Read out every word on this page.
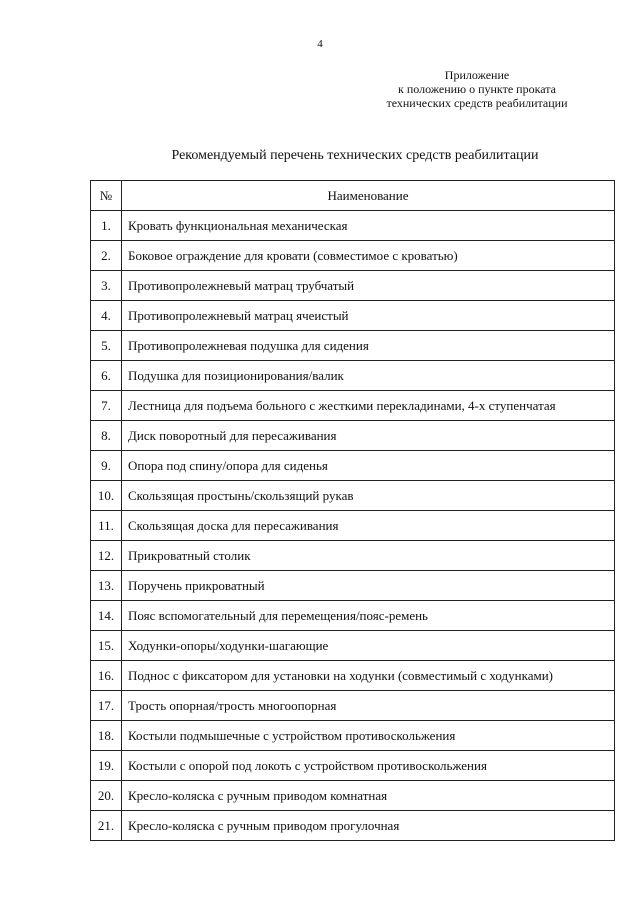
4
Приложение
к положению о пункте проката
технических средств реабилитации
Рекомендуемый перечень технических средств реабилитации
№	Наименование
1.	Кровать функциональная механическая
2.	Боковое ограждение для кровати (совместимое с кроватью)
3.	Противопролежневый матрац трубчатый
4.	Противопролежневый матрац ячеистый
5.	Противопролежневая подушка для сидения
6.	Подушка для позиционирования/валик
7.	Лестница для подъема больного с жесткими перекладинами, 4-х ступенчатая
8.	Диск поворотный для пересаживания
9.	Опора под спину/опора для сиденья
10.	Скользящая простынь/скользящий рукав
11.	Скользящая доска для пересаживания
12.	Прикроватный столик
13.	Поручень прикроватный
14.	Пояс вспомогательный для перемещения/пояс-ремень
15.	Ходунки-опоры/ходунки-шагающие
16.	Поднос с фиксатором для установки на ходунки (совместимый с ходунками)
17.	Трость опорная/трость многоопорная
18.	Костыли подмышечные с устройством противоскольжения
19.	Костыли с опорой под локоть с устройством противоскольжения
20.	Кресло-коляска с ручным приводом комнатная
21.	Кресло-коляска с ручным приводом прогулочная
